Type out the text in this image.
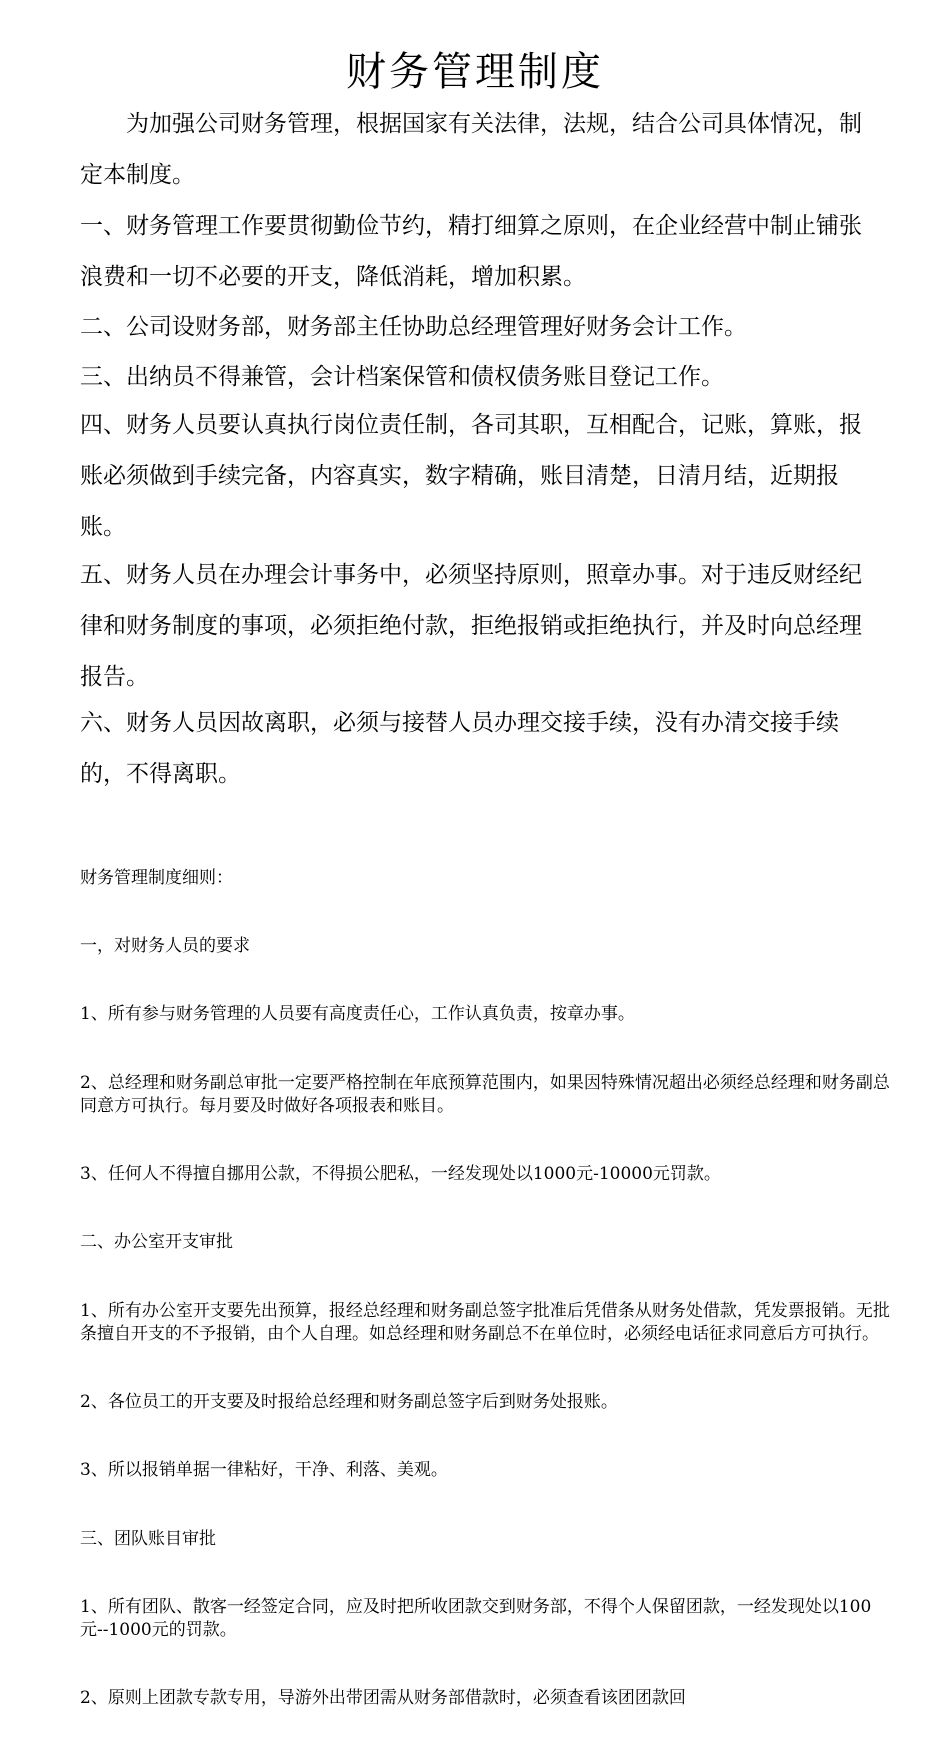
财务管理制度
为加强公司财务管理，根据国家有关法律，法规，结合公司具体情况，制定本制度。
一、财务管理工作要贯彻勤俭节约，精打细算之原则，在企业经营中制止铺张浪费和一切不必要的开支，降低消耗，增加积累。
二、公司设财务部，财务部主任协助总经理管理好财务会计工作。
三、出纳员不得兼管，会计档案保管和债权债务账目登记工作。
四、财务人员要认真执行岗位责任制，各司其职，互相配合，记账，算账，报账必须做到手续完备，内容真实，数字精确，账目清楚，日清月结，近期报账。
五、财务人员在办理会计事务中，必须坚持原则，照章办事。对于违反财经纪律和财务制度的事项，必须拒绝付款，拒绝报销或拒绝执行，并及时向总经理报告。
六、财务人员因故离职，必须与接替人员办理交接手续，没有办清交接手续的，不得离职。

财务管理制度细则：

一，对财务人员的要求

1、所有参与财务管理的人员要有高度责任心，工作认真负责，按章办事。

2、总经理和财务副总审批一定要严格控制在年底预算范围内，如果因特殊情况超出必须经总经理和财务副总同意方可执行。每月要及时做好各项报表和账目。

3、任何人不得擅自挪用公款，不得损公肥私，一经发现处以1000元-10000元罚款。

二、办公室开支审批

1、所有办公室开支要先出预算，报经总经理和财务副总签字批准后凭借条从财务处借款，凭发票报销。无批条擅自开支的不予报销，由个人自理。如总经理和财务副总不在单位时，必须经电话征求同意后方可执行。

2、各位员工的开支要及时报给总经理和财务副总签字后到财务处报账。

3、所以报销单据一律粘好，干净、利落、美观。

三、团队账目审批

1、所有团队、散客一经签定合同，应及时把所收团款交到财务部，不得个人保留团款，一经发现处以100元--1000元的罚款。

2、原则上团款专款专用，导游外出带团需从财务部借款时，必须查看该团团款回
